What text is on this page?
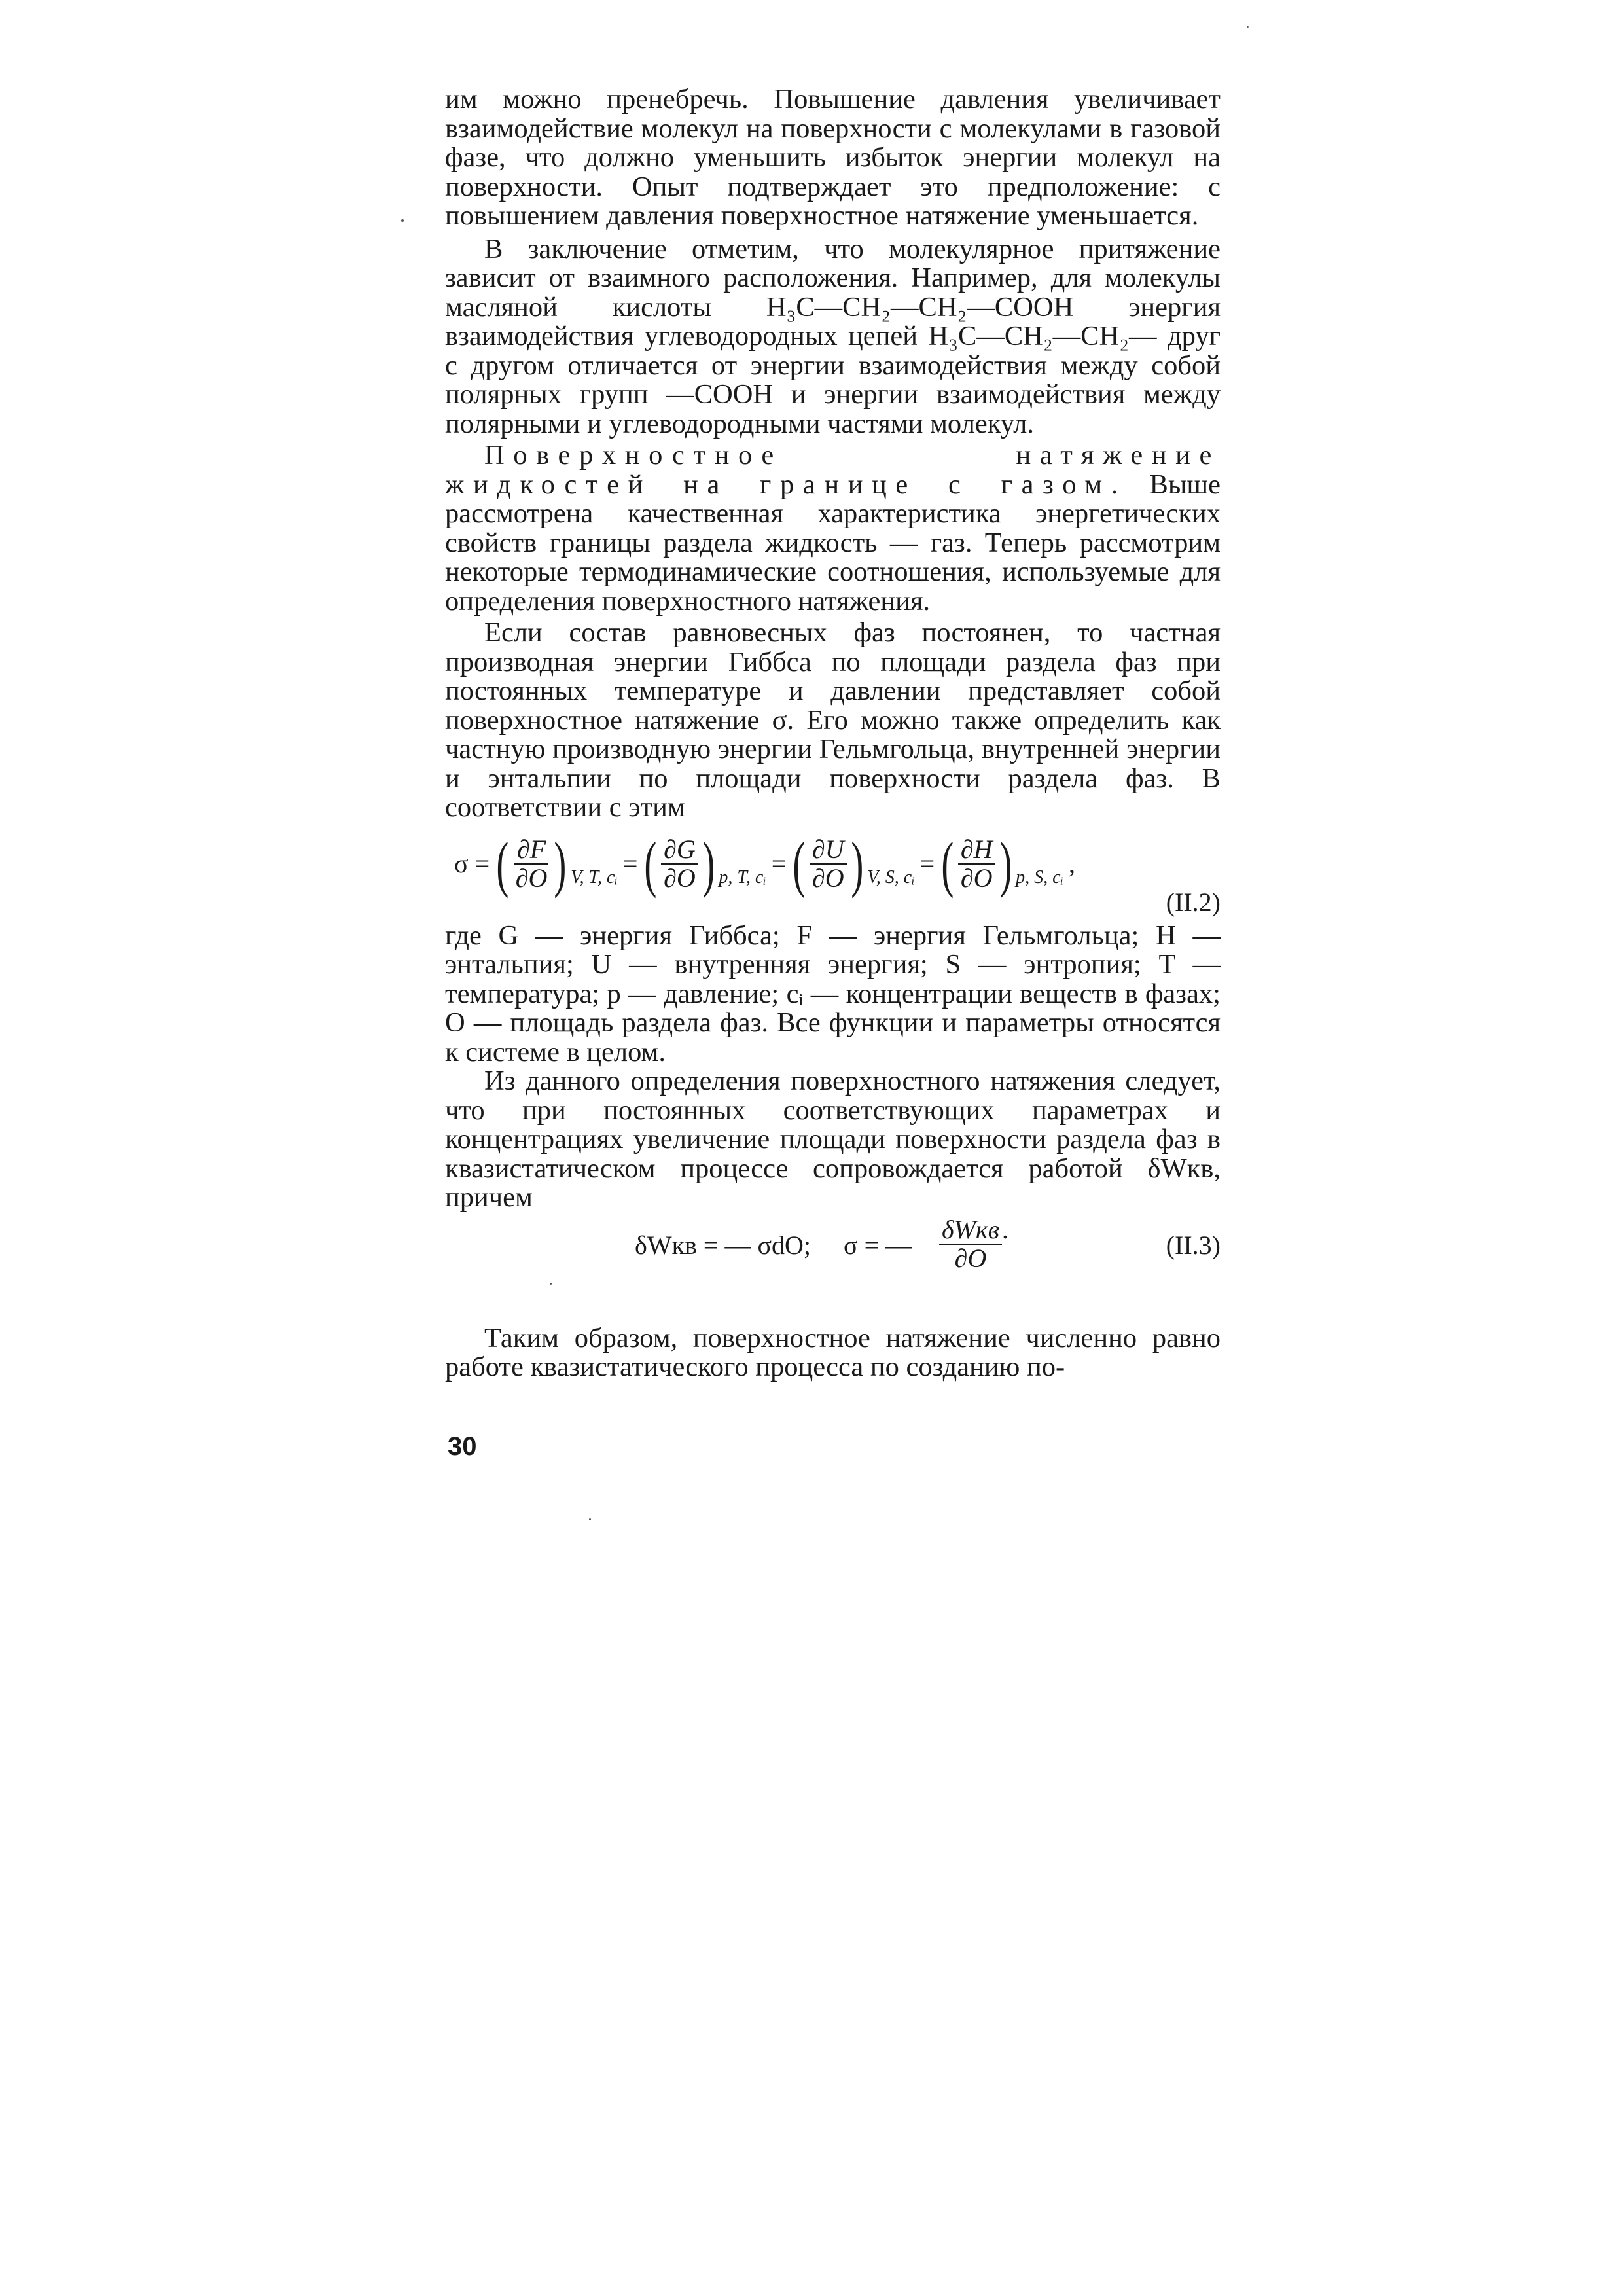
им можно пренебречь. Повышение давления увеличивает взаимодействие молекул на поверхности с молекулами в газовой фазе, что должно уменьшить избыток энергии молекул на поверхности. Опыт подтверждает это предположение: с повышением давления поверхностное натяжение уменьшается.

В заключение отметим, что молекулярное притяжение зависит от взаимного расположения. Например, для молекулы масляной кислоты H₃C—CH₂—CH₂—COOH энергия взаимодействия углеводородных цепей H₃C—CH₂—CH₂— друг с другом отличается от энергии взаимодействия между собой полярных групп —COOH и энергии взаимодействия между полярными и углеводородными частями молекул.

Поверхностное натяжение жидкостей на границе с газом. Выше рассмотрена качественная характеристика энергетических свойств границы раздела жидкость — газ. Теперь рассмотрим некоторые термодинамические соотношения, используемые для определения поверхностного натяжения.

Если состав равновесных фаз постоянен, то частная производная энергии Гиббса по площади раздела фаз при постоянных температуре и давлении представляет собой поверхностное натяжение σ. Его можно также определить как частную производную энергии Гельмгольца, внутренней энергии и энтальпии по площади поверхности раздела фаз. В соответствии с этим

σ = ( $\frac{\partial F}{\partial O}$ ) V, T, cᵢ = ( $\frac{\partial G}{\partial O}$ ) p, T, cᵢ = ( $\frac{\partial U}{\partial O}$ ) V, S, cᵢ = ( $\frac{\partial H}{\partial O}$ ) p, S, cᵢ ,
(II.2)

где G — энергия Гиббса; F — энергия Гельмгольца; H — энтальпия; U — внутренняя энергия; S — энтропия; T — температура; p — давление; cᵢ — концентрации веществ в фазах; O — площадь раздела фаз. Все функции и параметры относятся к системе в целом.

Из данного определения поверхностного натяжения следует, что при постоянных соответствующих параметрах и концентрациях увеличение площади поверхности раздела фаз в квазистатическом процессе сопровождается работой δWкв, причем

δWкв = — σdO; σ = — $\frac{\text{δWкв}}{\partial O}$ .
(II.3)

Таким образом, поверхностное натяжение численно равно работе квазистатического процесса по созданию по-

30
